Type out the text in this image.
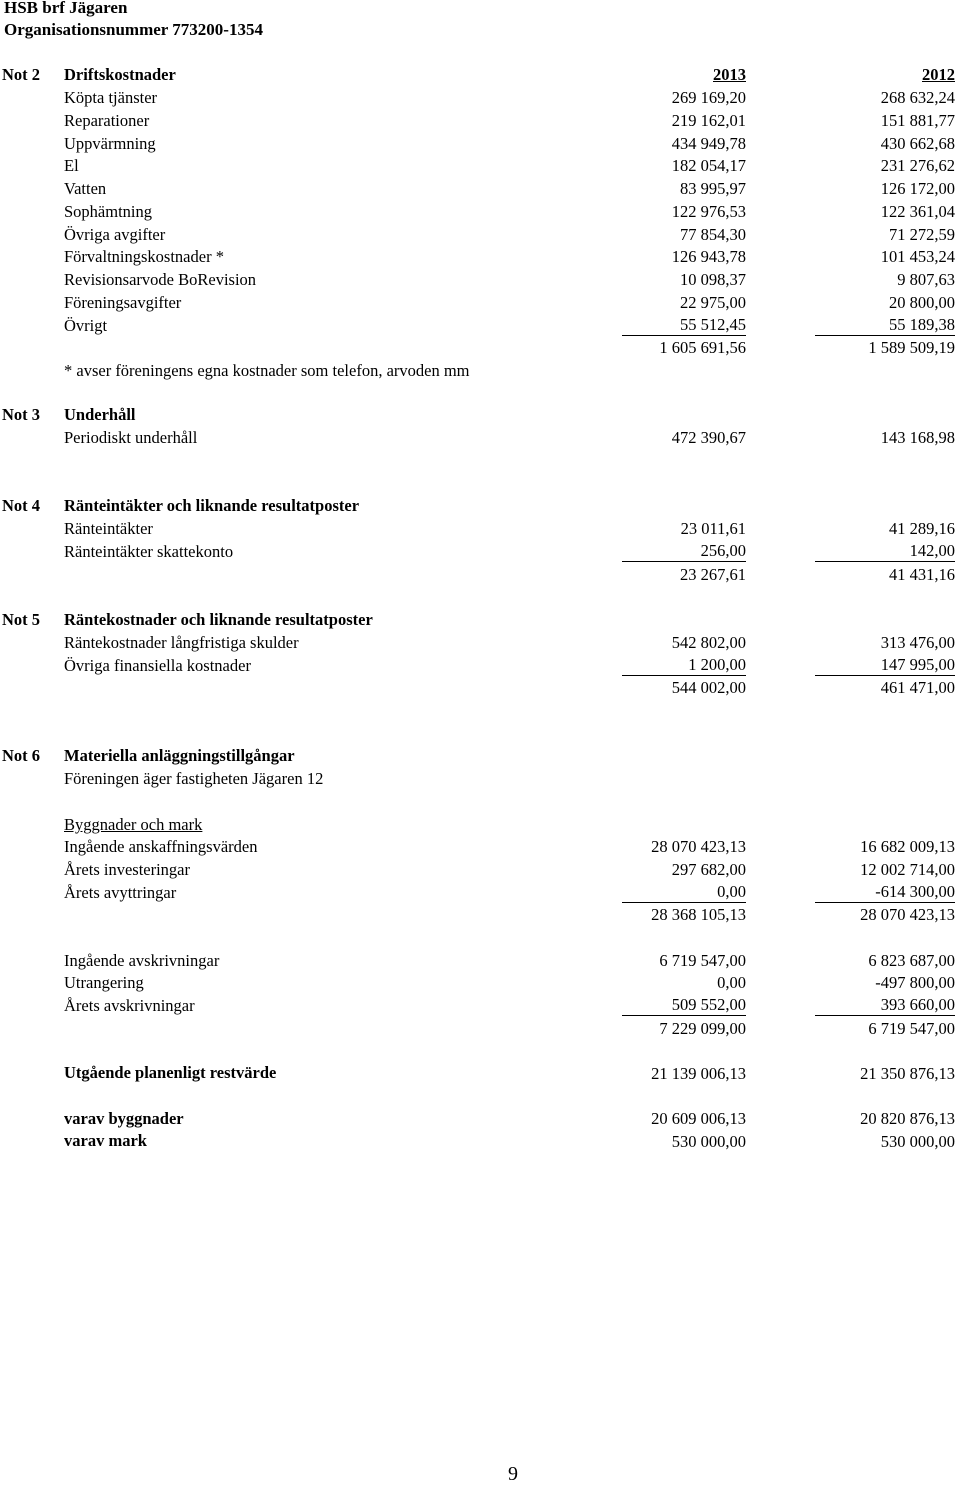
HSB brf Jägaren
Organisationsnummer 773200-1354
Not 2 Driftskostnader	2013	2012
Köpta tjänster	269 169,20	268 632,24
Reparationer	219 162,01	151 881,77
Uppvärmning	434 949,78	430 662,68
El	182 054,17	231 276,62
Vatten	83 995,97	126 172,00
Sophämtning	122 976,53	122 361,04
Övriga avgifter	77 854,30	71 272,59
Förvaltningskostnader *	126 943,78	101 453,24
Revisionsarvode BoRevision	10 098,37	9 807,63
Föreningsavgifter	22 975,00	20 800,00
Övrigt	55 512,45	55 189,38
1 605 691,56	1 589 509,19
* avser föreningens egna kostnader som telefon, arvoden mm
Not 3 Underhåll
Periodiskt underhåll	472 390,67	143 168,98
Not 4 Ränteintäkter och liknande resultatposter
Ränteintäkter	23 011,61	41 289,16
Ränteintäkter skattekonto	256,00	142,00
23 267,61	41 431,16
Not 5 Räntekostnader och liknande resultatposter
Räntekostnader långfristiga skulder	542 802,00	313 476,00
Övriga finansiella kostnader	1 200,00	147 995,00
544 002,00	461 471,00
Not 6 Materiella anläggningstillgångar
Föreningen äger fastigheten Jägaren 12
Byggnader och mark
Ingående anskaffningsvärden	28 070 423,13	16 682 009,13
Årets investeringar	297 682,00	12 002 714,00
Årets avyttringar	0,00	-614 300,00
28 368 105,13	28 070 423,13
Ingående avskrivningar	6 719 547,00	6 823 687,00
Utrangering	0,00	-497 800,00
Årets avskrivningar	509 552,00	393 660,00
7 229 099,00	6 719 547,00
Utgående planenligt restvärde	21 139 006,13	21 350 876,13
varav byggnader	20 609 006,13	20 820 876,13
varav mark	530 000,00	530 000,00
9
